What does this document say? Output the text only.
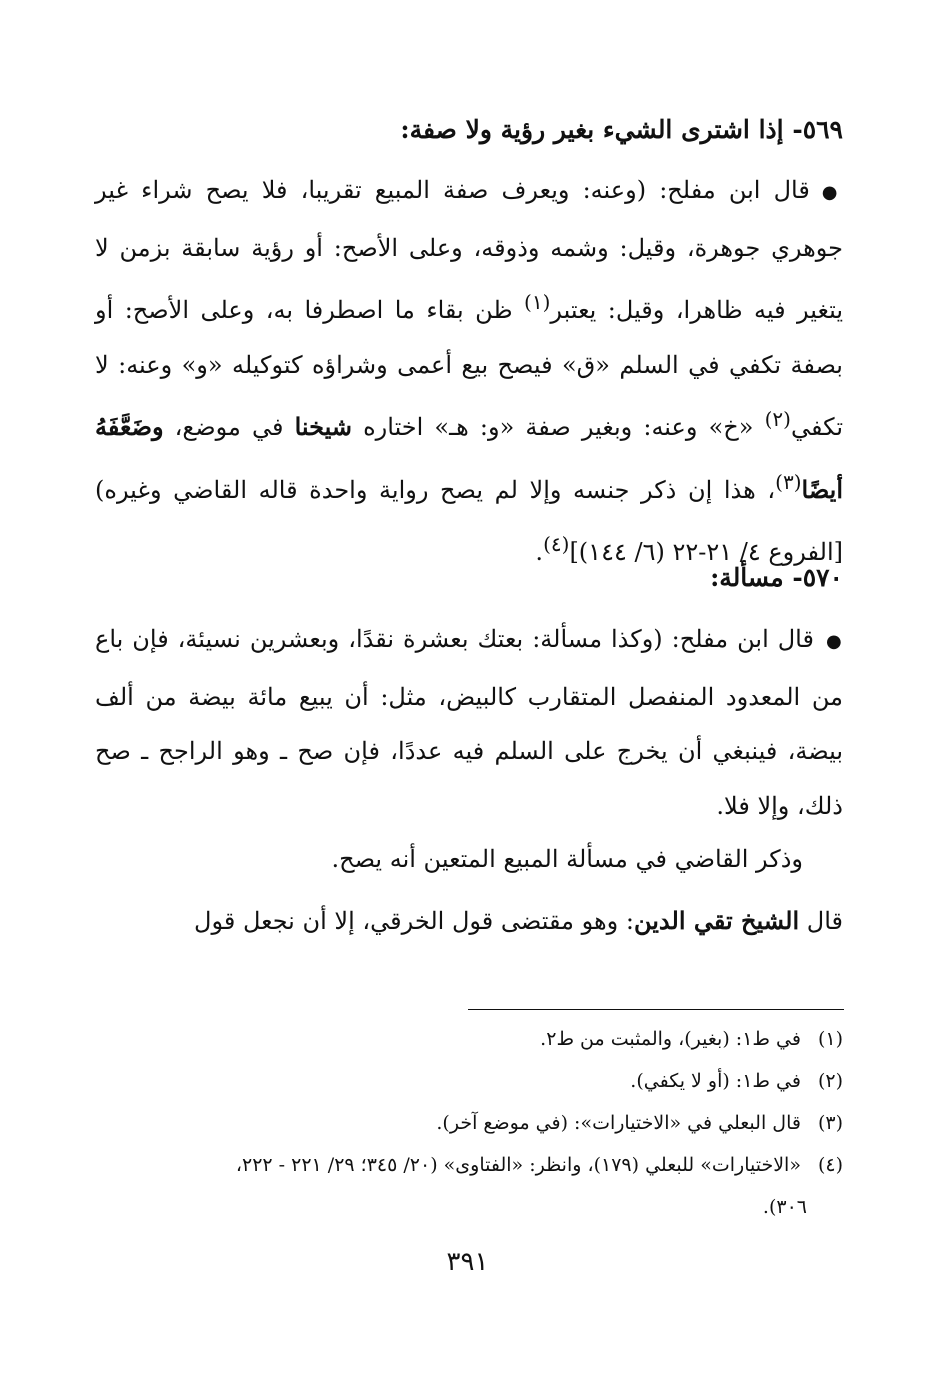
٥٦٩- إذا اشترى الشيء بغير رؤية ولا صفة:
●قال ابن مفلح: (وعنه: ويعرف صفة المبيع تقريبا، فلا يصح شراء غير جوهري جوهرة، وقيل: وشمه وذوقه، وعلى الأصح: أو رؤية سابقة بزمن لا يتغير فيه ظاهرا، وقيل: يعتبر$^{(١)}$ ظن بقاء ما اصطرفا به، وعلى الأصح: أو بصفة تكفي في السلم «ق» فيصح بيع أعمى وشراؤه كتوكيله «و» وعنه: لا تكفي$^{(٢)}$ «خ» وعنه: وبغير صفة «و: هـ» اختاره شيخنا في موضع، وضَعَّفَهُ أيضًا$^{(٣)}$، هذا إن ذكر جنسه وإلا لم يصح رواية واحدة قاله القاضي وغيره) [الفروع ٤/ ٢١-٢٢ (٦/ ١٤٤)]$^{(٤)}$.
٥٧٠- مسألة:
●قال ابن مفلح: (وكذا مسألة: بعتك بعشرة نقدًا، وبعشرين نسيئة، فإن باع من المعدود المنفصل المتقارب كالبيض، مثل: أن يبيع مائة بيضة من ألف بيضة، فينبغي أن يخرج على السلم فيه عددًا، فإن صح ـ وهو الراجح ـ صح ذلك، وإلا فلا.
وذكر القاضي في مسألة المبيع المتعين أنه يصح.
قال الشيخ تقي الدين: وهو مقتضى قول الخرقي، إلا أن نجعل قول
(١) في ط١: (بغير)، والمثبت من ط٢.
(٢) في ط١: (أو لا يكفي).
(٣) قال البعلي في «الاختيارات»: (في موضع آخر).
(٤) «الاختيارات» للبعلي (١٧٩)، وانظر: «الفتاوى» (٢٠/ ٣٤٥؛ ٢٩/ ٢٢١ - ٢٢٢،
٣٠٦).
٣٩١
